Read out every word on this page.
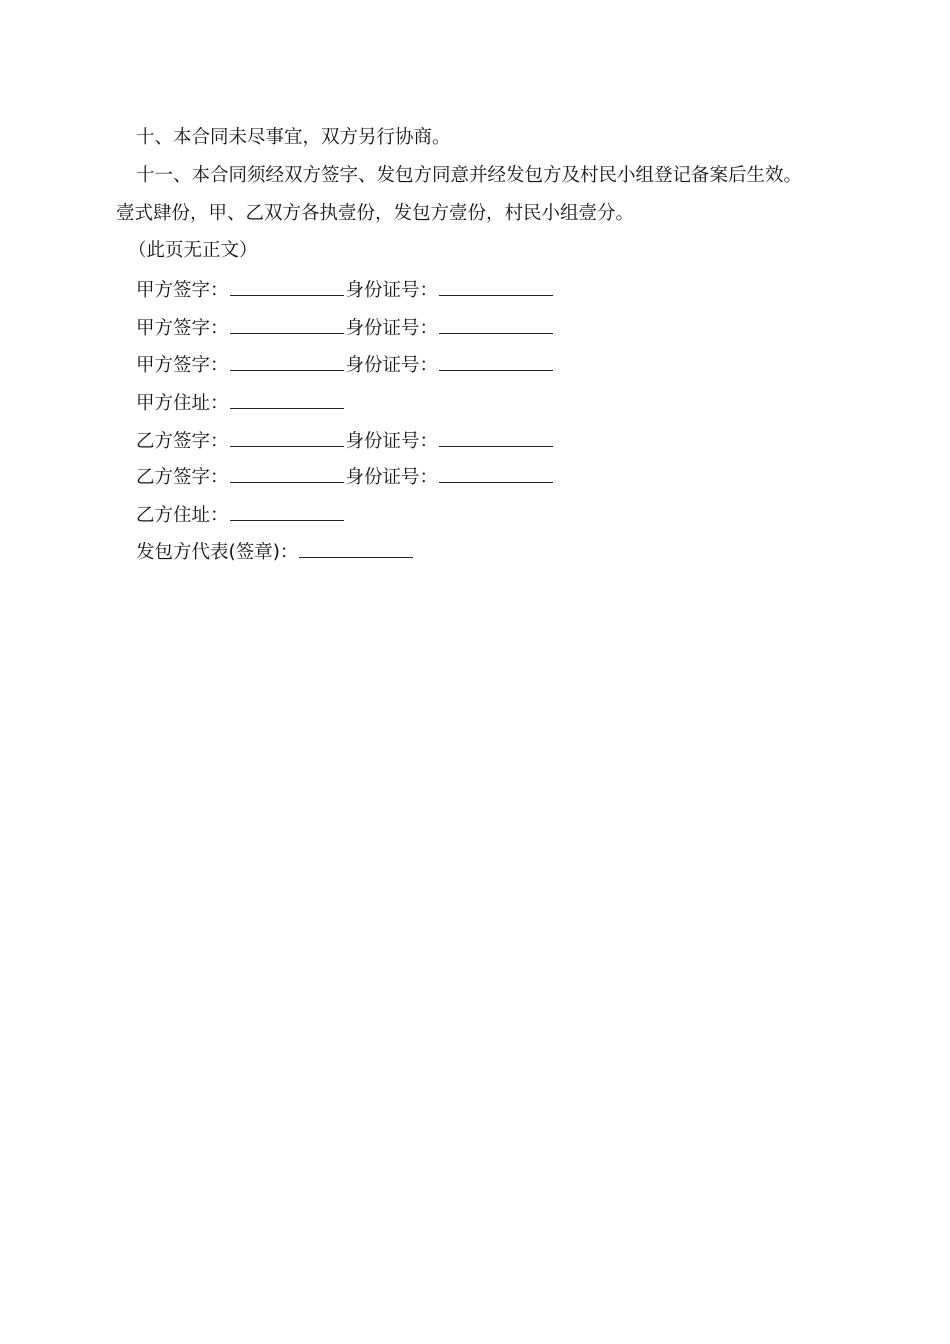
十、本合同未尽事宜，双方另行协商。
十一、本合同须经双方签字、发包方同意并经发包方及村民小组登记备案后生效。
壹式肆份，甲、乙双方各执壹份，发包方壹份，村民小组壹分。
（此页无正文）
甲方签字：	身份证号：
甲方签字：	身份证号：
甲方签字：	身份证号：
甲方住址：
乙方签字：	身份证号：
乙方签字：	身份证号：
乙方住址：
发包方代表(签章)：
